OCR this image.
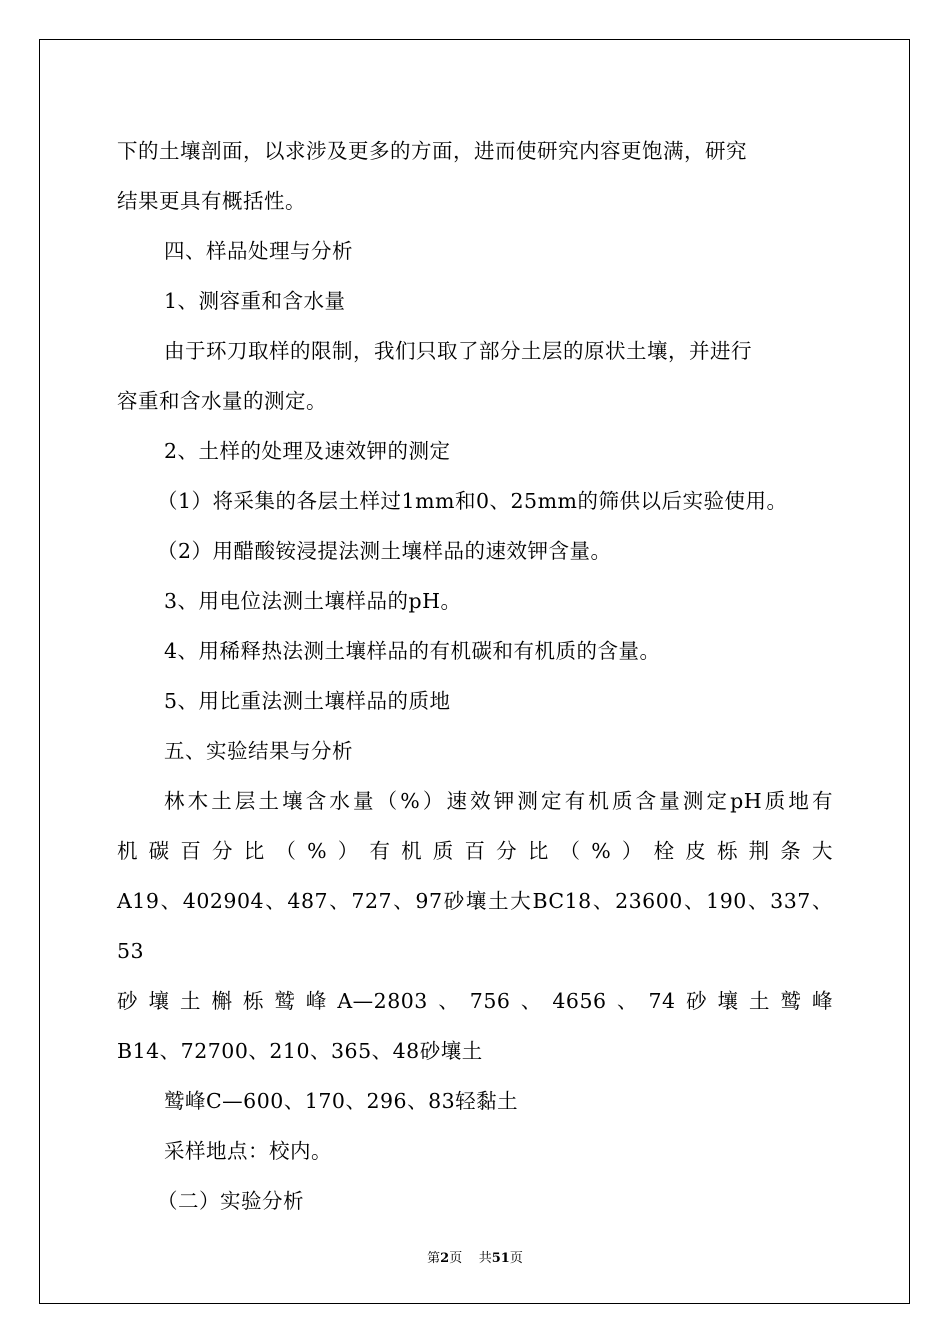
下的土壤剖面，以求涉及更多的方面，进而使研究内容更饱满，研究
结果更具有概括性。

四、样品处理与分析

1、测容重和含水量

由于环刀取样的限制，我们只取了部分土层的原状土壤，并进行
容重和含水量的测定。

2、土样的处理及速效钾的测定

（1）将采集的各层土样过1mm和0、25mm的筛供以后实验使用。

（2）用醋酸铵浸提法测土壤样品的速效钾含量。

3、用电位法测土壤样品的pH。

4、用稀释热法测土壤样品的有机碳和有机质的含量。

5、用比重法测土壤样品的质地

五、实验结果与分析

林木土层土壤含水量（%）速效钾测定有机质含量测定pH质地有
机碳百分比（%）有机质百分比（%）栓皮栎荆条大
A19、402904、487、727、97砂壤土大BC18、23600、190、337、53
砂壤土槲栎鹫峰A—2803、756、4656、74砂壤土鹫峰
B14、72700、210、365、48砂壤土

鹫峰C—600、170、296、83轻黏土

采样地点：校内。

（二）实验分析

第2页 共51页
